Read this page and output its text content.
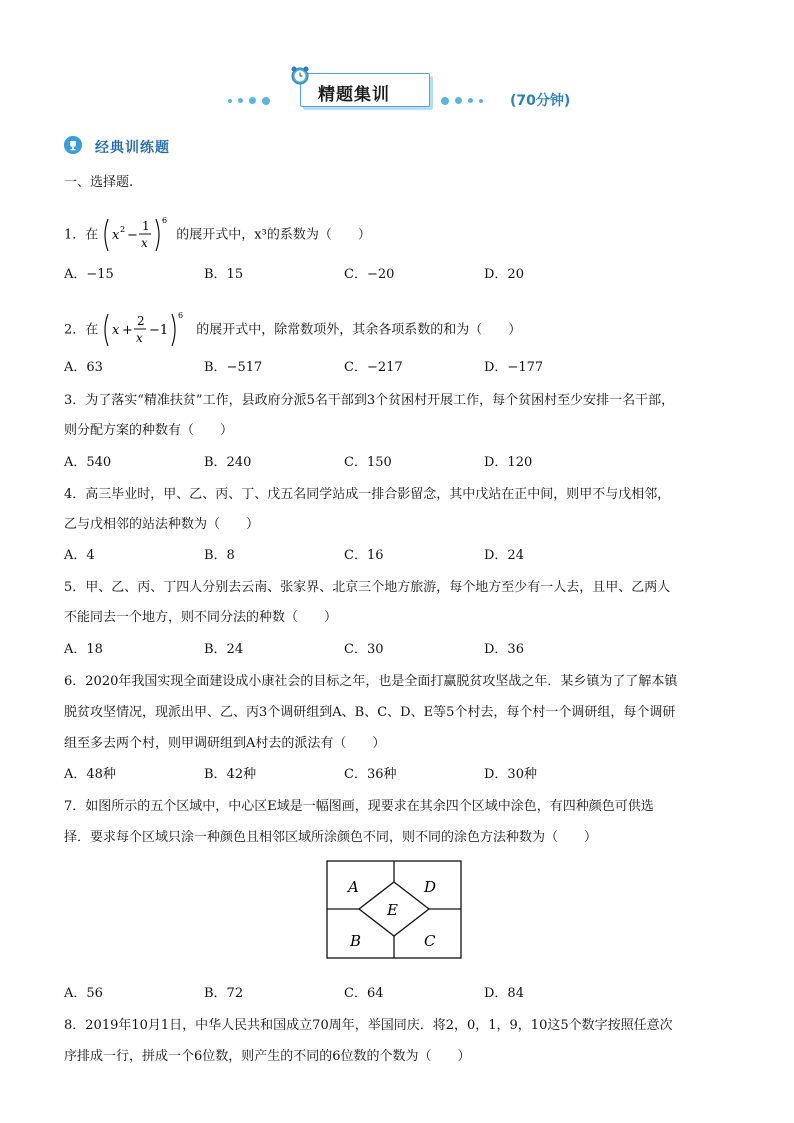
精题集训	(70分钟)
经典训练题
一、选择题.
1．在 x 2 −
1
x
6
的展开式中，x³的系数为（　　）
A．−15	B．15	C．−20	D．20
2．在 x +
2
x −1
6
的展开式中，除常数项外，其余各项系数的和为（　　）
A．63	B．−517	C．−217	D．−177
3．为了落实“精准扶贫”工作，县政府分派5名干部到3个贫困村开展工作，每个贫困村至少安排一名干部，
则分配方案的种数有（　　）
A．540	B．240	C．150	D．120
4．高三毕业时，甲、乙、丙、丁、戊五名同学站成一排合影留念，其中戊站在正中间，则甲不与戊相邻，
乙与戊相邻的站法种数为（　　）
A．4	B．8	C．16	D．24
5．甲、乙、丙、丁四人分别去云南、张家界、北京三个地方旅游，每个地方至少有一人去，且甲、乙两人
不能同去一个地方，则不同分法的种数（　　）
A．18	B．24	C．30	D．36
6．2020年我国实现全面建设成小康社会的目标之年，也是全面打赢脱贫攻坚战之年．某乡镇为了了解本镇
脱贫攻坚情况，现派出甲、乙、丙3个调研组到A、B、C、D、E等5个村去，每个村一个调研组，每个调研
组至多去两个村，则甲调研组到A村去的派法有（　　）
A．48种	B．42种	C．36种	D．30种
7．如图所示的五个区域中，中心区E域是一幅图画，现要求在其余四个区域中涂色，有四种颜色可供选
择．要求每个区域只涂一种颜色且相邻区域所涂颜色不同，则不同的涂色方法种数为（　　）
A	D
E
B	C
A．56	B．72	C．64	D．84
8．2019年10月1日，中华人民共和国成立70周年，举国同庆．将2，0，1，9，10这5个数字按照任意次
序排成一行，拼成一个6位数，则产生的不同的6位数的个数为（　　）
